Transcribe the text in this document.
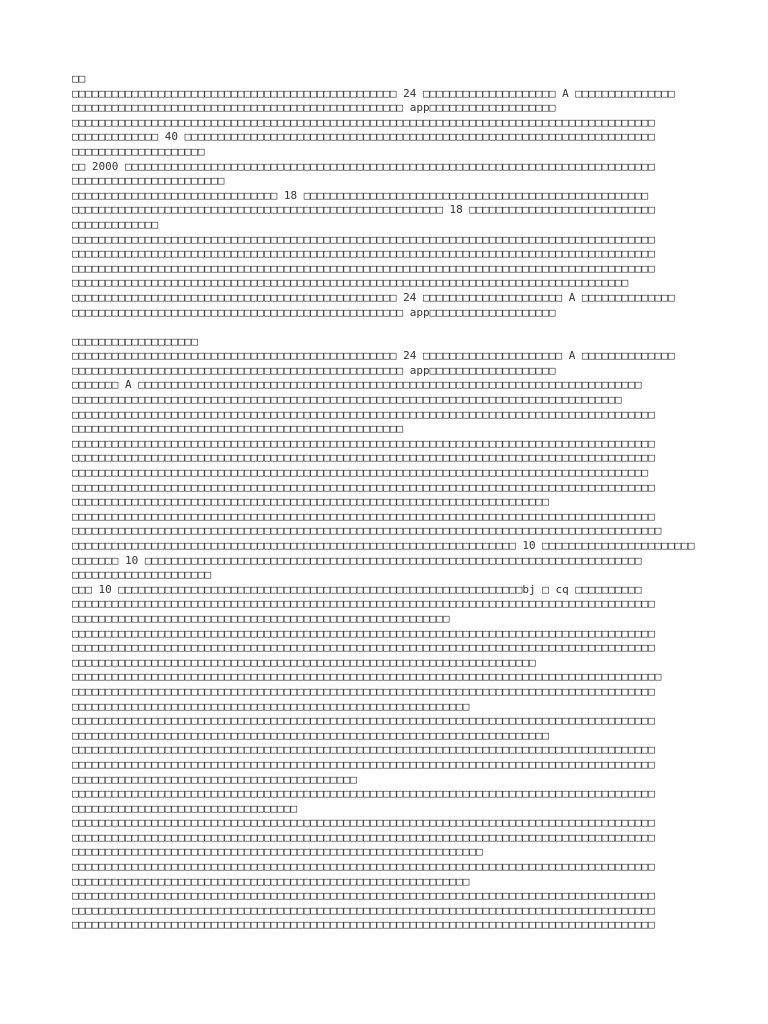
□□
□□□□□□□□□□□□□□□□□□□□□□□□□□□□□□□□□□□□□□□□□□□□□□□□□ 24 □□□□□□□□□□□□□□□□□□□□ A □□□□□□□□□□□□□□□
□□□□□□□□□□□□□□□□□□□□□□□□□□□□□□□□□□□□□□□□□□□□□□□□□□ app□□□□□□□□□□□□□□□□□□□
□□□□□□□□□□□□□□□□□□□□□□□□□□□□□□□□□□□□□□□□□□□□□□□□□□□□□□□□□□□□□□□□□□□□□□□□□□□□□□□□□□□□□□□□
□□□□□□□□□□□□□ 40 □□□□□□□□□□□□□□□□□□□□□□□□□□□□□□□□□□□□□□□□□□□□□□□□□□□□□□□□□□□□□□□□□□□□□□□
□□□□□□□□□□□□□□□□□□□□
□□ 2000 □□□□□□□□□□□□□□□□□□□□□□□□□□□□□□□□□□□□□□□□□□□□□□□□□□□□□□□□□□□□□□□□□□□□□□□□□□□□□□□□
□□□□□□□□□□□□□□□□□□□□□□□
□□□□□□□□□□□□□□□□□□□□□□□□□□□□□□□ 18 □□□□□□□□□□□□□□□□□□□□□□□□□□□□□□□□□□□□□□□□□□□□□□□□□□□□
□□□□□□□□□□□□□□□□□□□□□□□□□□□□□□□□□□□□□□□□□□□□□□□□□□□□□□□□ 18 □□□□□□□□□□□□□□□□□□□□□□□□□□□□
□□□□□□□□□□□□□
□□□□□□□□□□□□□□□□□□□□□□□□□□□□□□□□□□□□□□□□□□□□□□□□□□□□□□□□□□□□□□□□□□□□□□□□□□□□□□□□□□□□□□□□
□□□□□□□□□□□□□□□□□□□□□□□□□□□□□□□□□□□□□□□□□□□□□□□□□□□□□□□□□□□□□□□□□□□□□□□□□□□□□□□□□□□□□□□□
□□□□□□□□□□□□□□□□□□□□□□□□□□□□□□□□□□□□□□□□□□□□□□□□□□□□□□□□□□□□□□□□□□□□□□□□□□□□□□□□□□□□□□□□
□□□□□□□□□□□□□□□□□□□□□□□□□□□□□□□□□□□□□□□□□□□□□□□□□□□□□□□□□□□□□□□□□□□□□□□□□□□□□□□□□□□□
□□□□□□□□□□□□□□□□□□□□□□□□□□□□□□□□□□□□□□□□□□□□□□□□□ 24 □□□□□□□□□□□□□□□□□□□□□ A □□□□□□□□□□□□□□
□□□□□□□□□□□□□□□□□□□□□□□□□□□□□□□□□□□□□□□□□□□□□□□□□□ app□□□□□□□□□□□□□□□□□□□
□□□□□□□□□□□□□□□□□□□
□□□□□□□□□□□□□□□□□□□□□□□□□□□□□□□□□□□□□□□□□□□□□□□□□ 24 □□□□□□□□□□□□□□□□□□□□□ A □□□□□□□□□□□□□□
□□□□□□□□□□□□□□□□□□□□□□□□□□□□□□□□□□□□□□□□□□□□□□□□□□ app□□□□□□□□□□□□□□□□□□□
□□□□□□□ A □□□□□□□□□□□□□□□□□□□□□□□□□□□□□□□□□□□□□□□□□□□□□□□□□□□□□□□□□□□□□□□□□□□□□□□□□□□□
□□□□□□□□□□□□□□□□□□□□□□□□□□□□□□□□□□□□□□□□□□□□□□□□□□□□□□□□□□□□□□□□□□□□□□□□□□□□□□□□□□□
□□□□□□□□□□□□□□□□□□□□□□□□□□□□□□□□□□□□□□□□□□□□□□□□□□□□□□□□□□□□□□□□□□□□□□□□□□□□□□□□□□□□□□□□
□□□□□□□□□□□□□□□□□□□□□□□□□□□□□□□□□□□□□□□□□□□□□□□□□□
□□□□□□□□□□□□□□□□□□□□□□□□□□□□□□□□□□□□□□□□□□□□□□□□□□□□□□□□□□□□□□□□□□□□□□□□□□□□□□□□□□□□□□□□
□□□□□□□□□□□□□□□□□□□□□□□□□□□□□□□□□□□□□□□□□□□□□□□□□□□□□□□□□□□□□□□□□□□□□□□□□□□□□□□□□□□□□□□□
□□□□□□□□□□□□□□□□□□□□□□□□□□□□□□□□□□□□□□□□□□□□□□□□□□□□□□□□□□□□□□□□□□□□□□□□□□□□□□□□□□□□□□□
□□□□□□□□□□□□□□□□□□□□□□□□□□□□□□□□□□□□□□□□□□□□□□□□□□□□□□□□□□□□□□□□□□□□□□□□□□□□□□□□□□□□□□□□
□□□□□□□□□□□□□□□□□□□□□□□□□□□□□□□□□□□□□□□□□□□□□□□□□□□□□□□□□□□□□□□□□□□□□□□□
□□□□□□□□□□□□□□□□□□□□□□□□□□□□□□□□□□□□□□□□□□□□□□□□□□□□□□□□□□□□□□□□□□□□□□□□□□□□□□□□□□□□□□□□
□□□□□□□□□□□□□□□□□□□□□□□□□□□□□□□□□□□□□□□□□□□□□□□□□□□□□□□□□□□□□□□□□□□□□□□□□□□□□□□□□□□□□□□□□
□□□□□□□□□□□□□□□□□□□□□□□□□□□□□□□□□□□□□□□□□□□□□□□□□□□□□□□□□□□□□□□□□□□ 10 □□□□□□□□□□□□□□□□□□□□□□□
□□□□□□□ 10 □□□□□□□□□□□□□□□□□□□□□□□□□□□□□□□□□□□□□□□□□□□□□□□□□□□□□□□□□□□□□□□□□□□□□□□□□□□
□□□□□□□□□□□□□□□□□□□□□
□□□ 10 □□□□□□□□□□□□□□□□□□□□□□□□□□□□□□□□□□□□□□□□□□□□□□□□□□□□□□□□□□□□□bj □ cq □□□□□□□□□□
□□□□□□□□□□□□□□□□□□□□□□□□□□□□□□□□□□□□□□□□□□□□□□□□□□□□□□□□□□□□□□□□□□□□□□□□□□□□□□□□□□□□□□□□
□□□□□□□□□□□□□□□□□□□□□□□□□□□□□□□□□□□□□□□□□□□□□□□□□□□□□□□□□
□□□□□□□□□□□□□□□□□□□□□□□□□□□□□□□□□□□□□□□□□□□□□□□□□□□□□□□□□□□□□□□□□□□□□□□□□□□□□□□□□□□□□□□□
□□□□□□□□□□□□□□□□□□□□□□□□□□□□□□□□□□□□□□□□□□□□□□□□□□□□□□□□□□□□□□□□□□□□□□□□□□□□□□□□□□□□□□□□
□□□□□□□□□□□□□□□□□□□□□□□□□□□□□□□□□□□□□□□□□□□□□□□□□□□□□□□□□□□□□□□□□□□□□□
□□□□□□□□□□□□□□□□□□□□□□□□□□□□□□□□□□□□□□□□□□□□□□□□□□□□□□□□□□□□□□□□□□□□□□□□□□□□□□□□□□□□□□□□□
□□□□□□□□□□□□□□□□□□□□□□□□□□□□□□□□□□□□□□□□□□□□□□□□□□□□□□□□□□□□□□□□□□□□□□□□□□□□□□□□□□□□□□□□
□□□□□□□□□□□□□□□□□□□□□□□□□□□□□□□□□□□□□□□□□□□□□□□□□□□□□□□□□□□□
□□□□□□□□□□□□□□□□□□□□□□□□□□□□□□□□□□□□□□□□□□□□□□□□□□□□□□□□□□□□□□□□□□□□□□□□□□□□□□□□□□□□□□□□
□□□□□□□□□□□□□□□□□□□□□□□□□□□□□□□□□□□□□□□□□□□□□□□□□□□□□□□□□□□□□□□□□□□□□□□□
□□□□□□□□□□□□□□□□□□□□□□□□□□□□□□□□□□□□□□□□□□□□□□□□□□□□□□□□□□□□□□□□□□□□□□□□□□□□□□□□□□□□□□□□
□□□□□□□□□□□□□□□□□□□□□□□□□□□□□□□□□□□□□□□□□□□□□□□□□□□□□□□□□□□□□□□□□□□□□□□□□□□□□□□□□□□□□□□□
□□□□□□□□□□□□□□□□□□□□□□□□□□□□□□□□□□□□□□□□□□□
□□□□□□□□□□□□□□□□□□□□□□□□□□□□□□□□□□□□□□□□□□□□□□□□□□□□□□□□□□□□□□□□□□□□□□□□□□□□□□□□□□□□□□□□
□□□□□□□□□□□□□□□□□□□□□□□□□□□□□□□□□□
□□□□□□□□□□□□□□□□□□□□□□□□□□□□□□□□□□□□□□□□□□□□□□□□□□□□□□□□□□□□□□□□□□□□□□□□□□□□□□□□□□□□□□□□
□□□□□□□□□□□□□□□□□□□□□□□□□□□□□□□□□□□□□□□□□□□□□□□□□□□□□□□□□□□□□□□□□□□□□□□□□□□□□□□□□□□□□□□□
□□□□□□□□□□□□□□□□□□□□□□□□□□□□□□□□□□□□□□□□□□□□□□□□□□□□□□□□□□□□□□
□□□□□□□□□□□□□□□□□□□□□□□□□□□□□□□□□□□□□□□□□□□□□□□□□□□□□□□□□□□□□□□□□□□□□□□□□□□□□□□□□□□□□□□□
□□□□□□□□□□□□□□□□□□□□□□□□□□□□□□□□□□□□□□□□□□□□□□□□□□□□□□□□□□□□
□□□□□□□□□□□□□□□□□□□□□□□□□□□□□□□□□□□□□□□□□□□□□□□□□□□□□□□□□□□□□□□□□□□□□□□□□□□□□□□□□□□□□□□□
□□□□□□□□□□□□□□□□□□□□□□□□□□□□□□□□□□□□□□□□□□□□□□□□□□□□□□□□□□□□□□□□□□□□□□□□□□□□□□□□□□□□□□□□
□□□□□□□□□□□□□□□□□□□□□□□□□□□□□□□□□□□□□□□□□□□□□□□□□□□□□□□□□□□□□□□□□□□□□□□□□□□□□□□□□□□□□□□□
